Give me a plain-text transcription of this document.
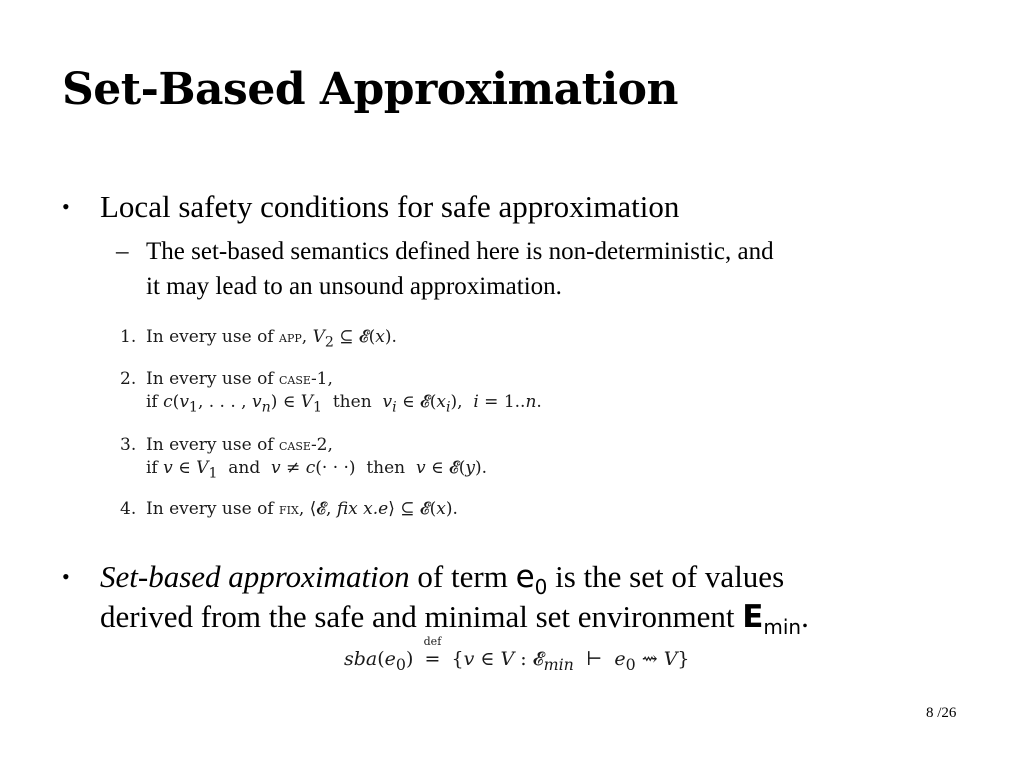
Set-Based Approximation
• Local safety conditions for safe approximation
– The set-based semantics defined here is non-deterministic, and
it may lead to an unsound approximation.
1. In every use of app, $V_2$ ⊆ 𝓔(x).
2. In every use of case-1,
if $c(v_1$, . . . , $v_n$) ∈ $V_1$  then  $v_i$ ∈ $𝓔(x_i)$,  i = 1..n.
3. In every use of case-2,
if v ∈ $V_1$  and  v ≠ c(· · ·)  then  v ∈ 𝓔(y).
4. In every use of fix, ⟨𝓔, fix x.e⟩ ⊆ 𝓔(x).
• Set-based approximation of term $e_0$ is the set of values
derived from the safe and minimal set environment $E_{min}$.
$sba(e_0)$
def
= {v ∈ V : 𝓔$_{min}$  ⊢  $e_0$ ⇝ V}
8 /26
